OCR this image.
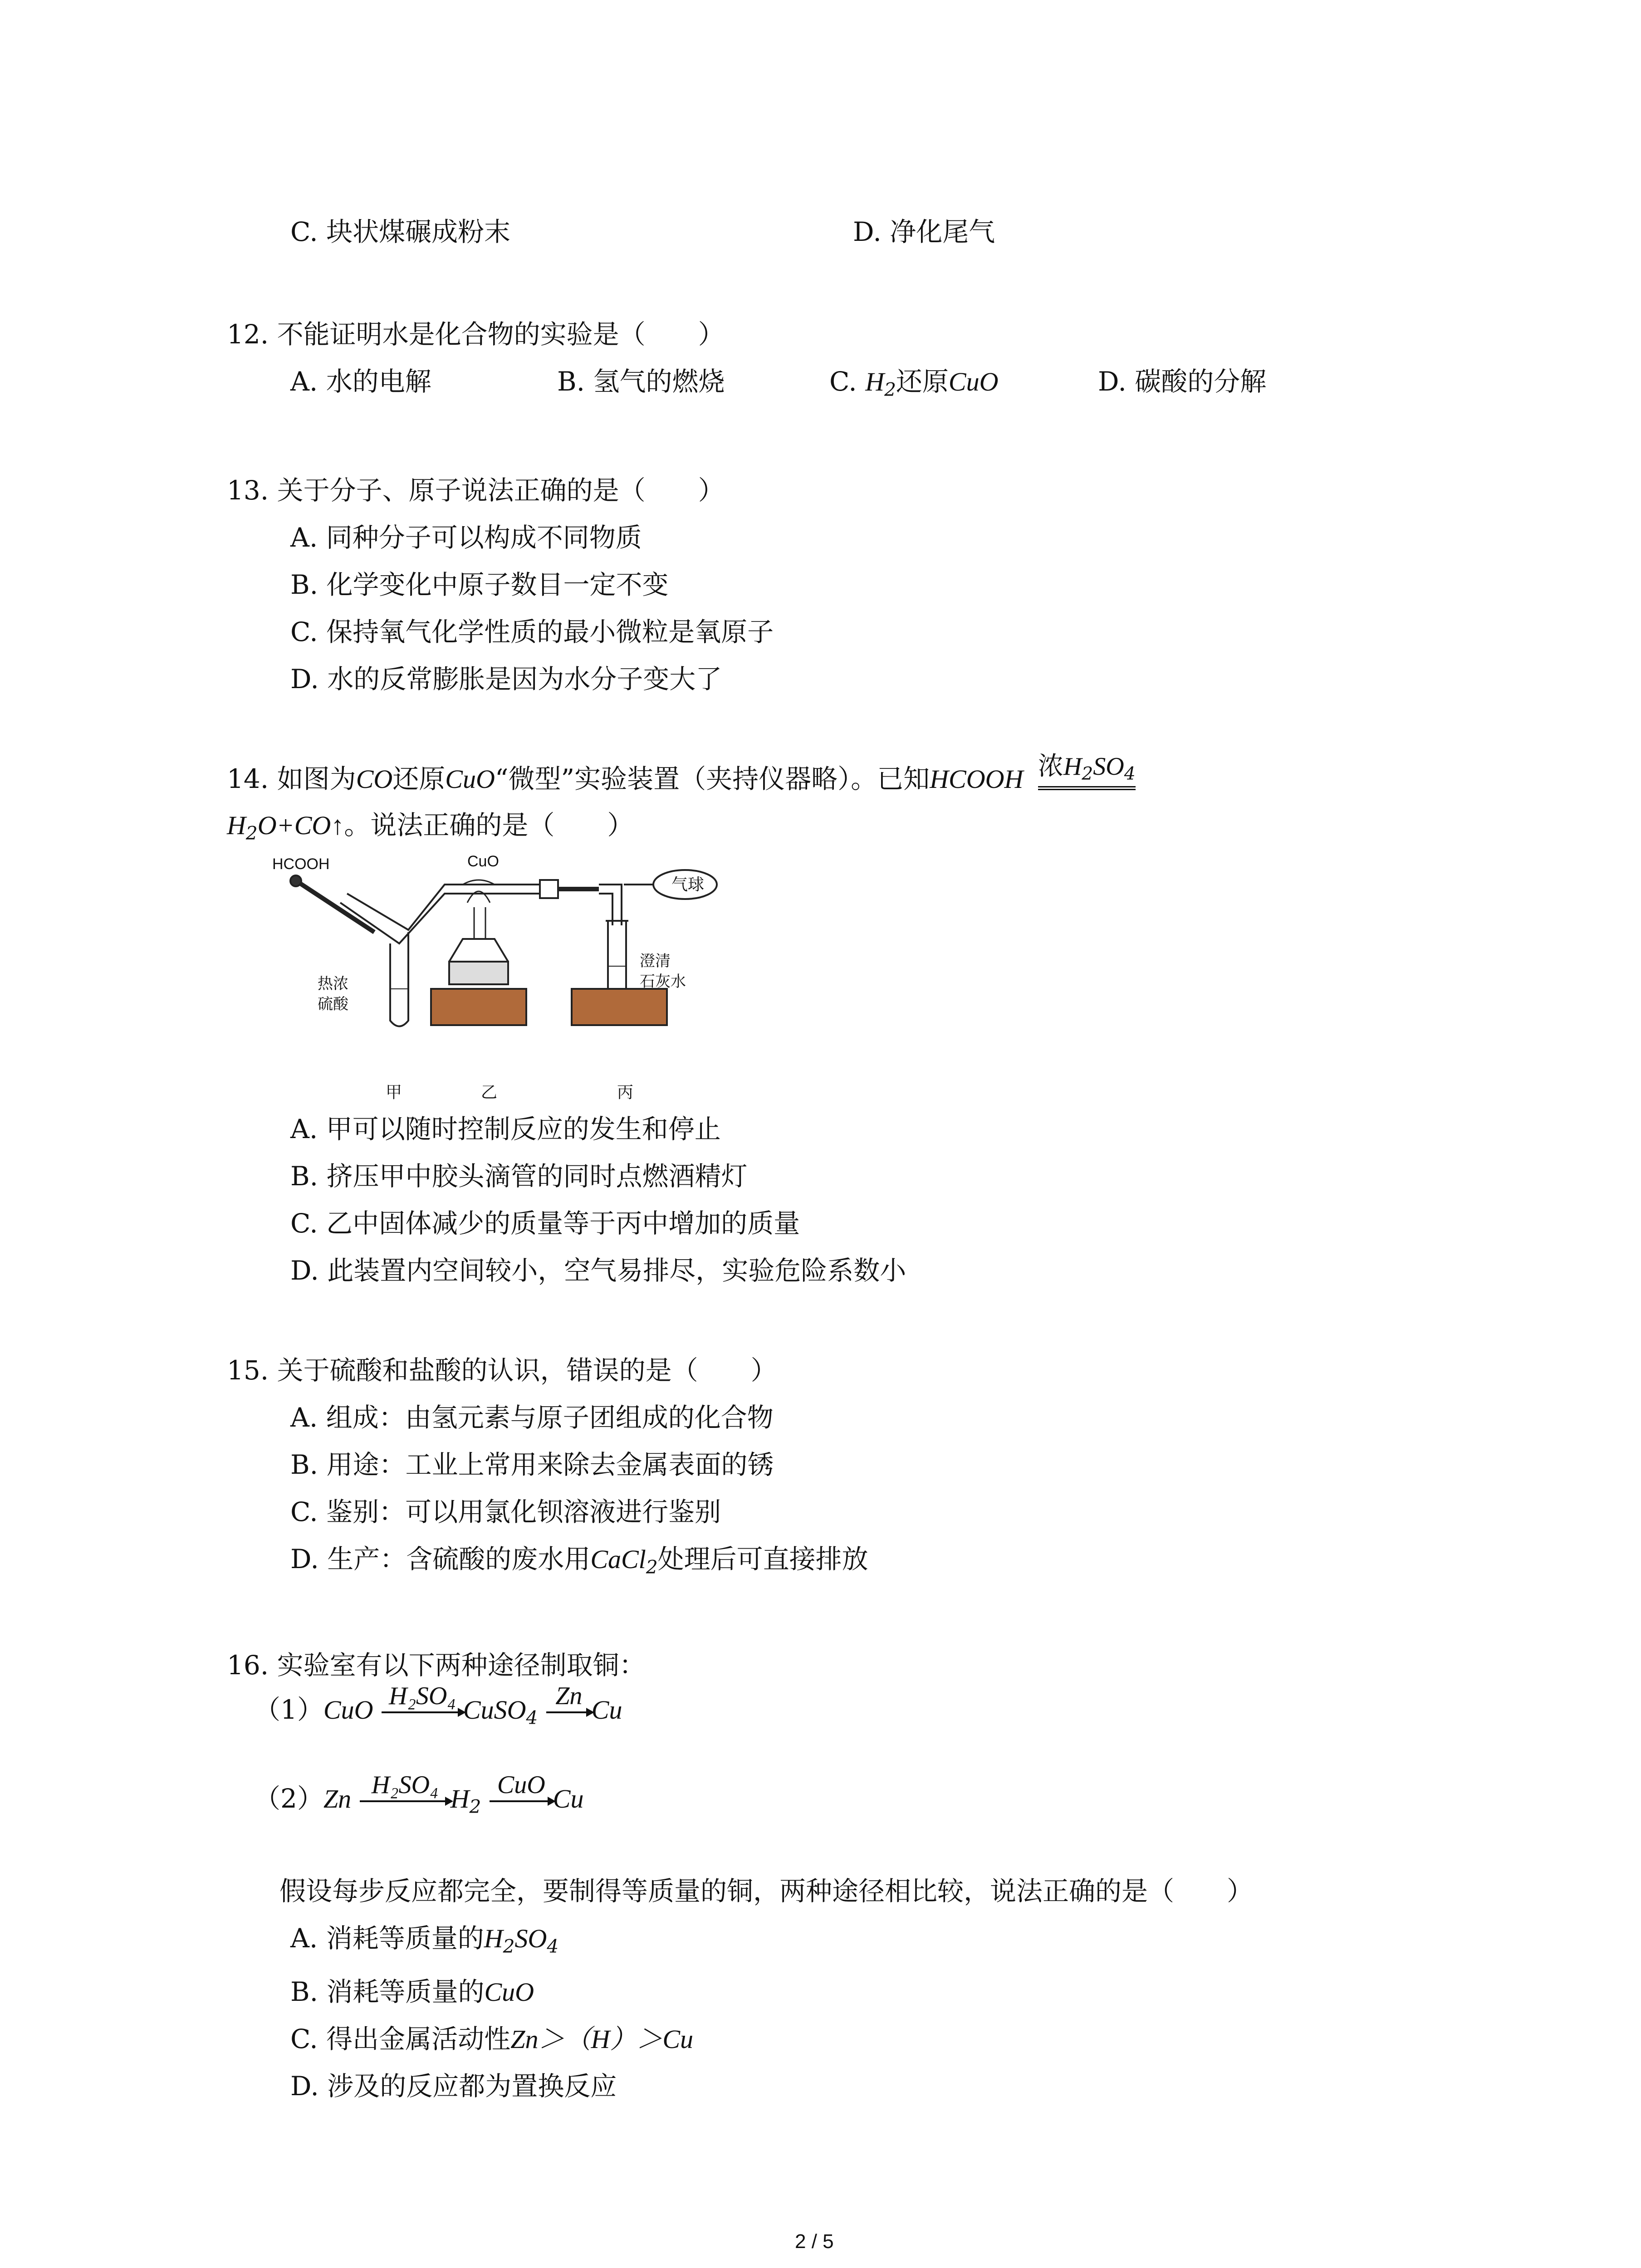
C. 块状煤碾成粉末	D. 净化尾气
12. 不能证明水是化合物的实验是（　　）
A. 水的电解	B. 氢气的燃烧	C. $H_2$还原CuO	D. 碳酸的分解
13. 关于分子、原子说法正确的是（　　）
A. 同种分子可以构成不同物质
B. 化学变化中原子数目一定不变
C. 保持氧气化学性质的最小微粒是氧原子
D. 水的反常膨胀是因为水分子变大了
14. 如图为CO还原CuO“微型”实验装置（夹持仪器略）。已知HCOOH 浓$H_2SO_4$
$H_2O+CO↑$。说法正确的是（　　）
HCOOH	CuO
气球
热浓
硫酸
澄清
石灰水
甲	乙	丙
A. 甲可以随时控制反应的发生和停止
B. 挤压甲中胶头滴管的同时点燃酒精灯
C. 乙中固体减少的质量等于丙中增加的质量
D. 此装置内空间较小，空气易排尽，实验危险系数小
15. 关于硫酸和盐酸的认识，错误的是（　　）
A. 组成：由氢元素与原子团组成的化合物
B. 用途：工业上常用来除去金属表面的锈
C. 鉴别：可以用氯化钡溶液进行鉴别
D. 生产：含硫酸的废水用CaCl$_2$处理后可直接排放
16. 实验室有以下两种途径制取铜：
（1）CuO H₂SO₄ CuSO$_4$
Zn Cu
（2）Zn H₂SO₄ $H_2$
CuO Cu
假设每步反应都完全，要制得等质量的铜，两种途径相比较，说法正确的是（　　）
A. 消耗等质量的$H_2SO_4$
B. 消耗等质量的CuO
C. 得出金属活动性Zn＞（H）＞Cu
D. 涉及的反应都为置换反应
2 / 5
